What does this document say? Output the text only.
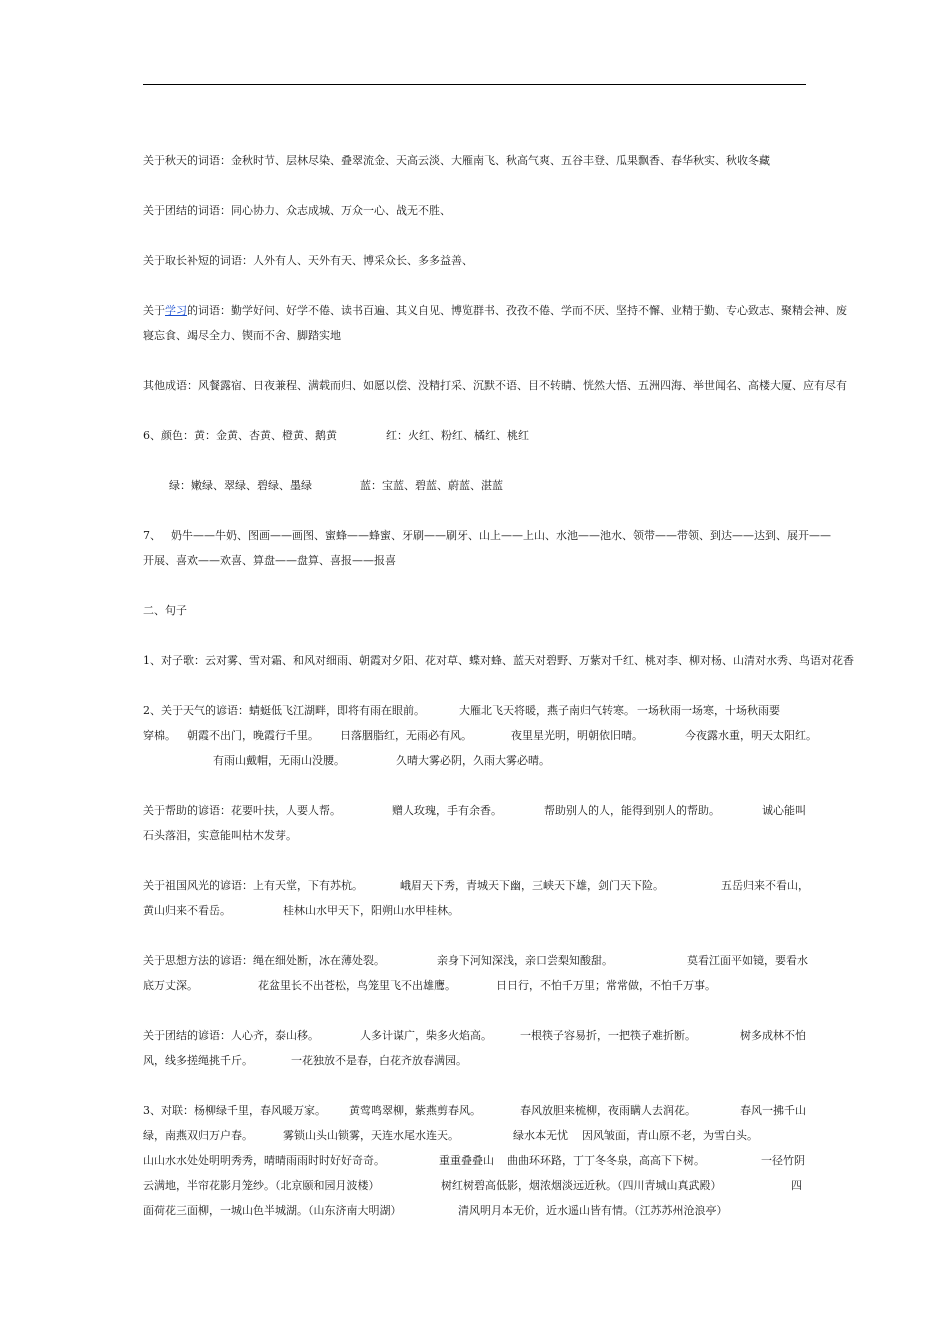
关于秋天的词语：金秋时节、层林尽染、叠翠流金、天高云淡、大雁南飞、秋高气爽、五谷丰登、瓜果飘香、春华秋实、秋收冬藏
关于团结的词语：同心协力、众志成城、万众一心、战无不胜、
关于取长补短的词语：人外有人、天外有天、博采众长、多多益善、
关于学习的词语：勤学好问、好学不倦、读书百遍、其义自见、博览群书、孜孜不倦、学而不厌、坚持不懈、业精于勤、专心致志、聚精会神、废
寝忘食、竭尽全力、锲而不舍、脚踏实地
其他成语：风餐露宿、日夜兼程、满载而归、如愿以偿、没精打采、沉默不语、目不转睛、恍然大悟、五洲四海、举世闻名、高楼大厦、应有尽有
6、颜色：黄：金黄、杏黄、橙黄、鹅黄	红：火红、粉红、橘红、桃红
绿：嫩绿、翠绿、碧绿、墨绿	蓝：宝蓝、碧蓝、蔚蓝、湛蓝
7、 奶牛——牛奶、图画——画图、蜜蜂——蜂蜜、牙刷——刷牙、山上——上山、水池——池水、领带——带领、到达——达到、展开——
开展、喜欢——欢喜、算盘——盘算、喜报——报喜
二、句子
1、对子歌：云对雾、雪对霜、和风对细雨、朝霞对夕阳、花对草、蝶对蜂、蓝天对碧野、万紫对千红、桃对李、柳对杨、山清对水秀、鸟语对花香
2、关于天气的谚语：蜻蜓低飞江湖畔，即将有雨在眼前。	大雁北飞天将暖，燕子南归气转寒。 一场秋雨一场寒，十场秋雨要
穿棉。 朝霞不出门，晚霞行千里。 日落胭脂红，无雨必有风。	夜里星光明，明朝依旧晴。	今夜露水重，明天太阳红。
有雨山戴帽，无雨山没腰。	久晴大雾必阴，久雨大雾必晴。
关于帮助的谚语：花要叶扶，人要人帮。	赠人玫瑰，手有余香。	帮助别人的人，能得到别人的帮助。	诚心能叫
石头落泪，实意能叫枯木发芽。
关于祖国风光的谚语：上有天堂，下有苏杭。	峨眉天下秀，青城天下幽，三峡天下雄，剑门天下险。	五岳归来不看山，
黄山归来不看岳。	桂林山水甲天下，阳朔山水甲桂林。
关于思想方法的谚语：绳在细处断，冰在薄处裂。	亲身下河知深浅，亲口尝梨知酸甜。	莫看江面平如镜，要看水
底万丈深。	花盆里长不出苍松，鸟笼里飞不出雄鹰。	日日行，不怕千万里；常常做，不怕千万事。
关于团结的谚语：人心齐，泰山移。	人多计谋广，柴多火焰高。	一根筷子容易折，一把筷子难折断。	树多成林不怕
风，线多搓绳挑千斤。	一花独放不是春，白花齐放春满园。
3、对联：杨柳绿千里，春风暖万家。 黄莺鸣翠柳，紫燕剪春风。	春风放胆来梳柳，夜雨瞒人去润花。	春风一拂千山
绿，南燕双归万户春。	雾锁山头山锁雾，天连水尾水连天。	绿水本无忧 因风皱面，青山原不老，为雪白头。
山山水水处处明明秀秀，晴晴雨雨时时好好奇奇。	重重叠叠山 曲曲环环路，丁丁冬冬泉，高高下下树。	一径竹阴
云满地，半帘花影月笼纱。（北京颐和园月波楼）	树红树碧高低影，烟浓烟淡远近秋。（四川青城山真武殿）	四
面荷花三面柳，一城山色半城湖。（山东济南大明湖）	清风明月本无价，近水遥山皆有情。（江苏苏州沧浪亭）
